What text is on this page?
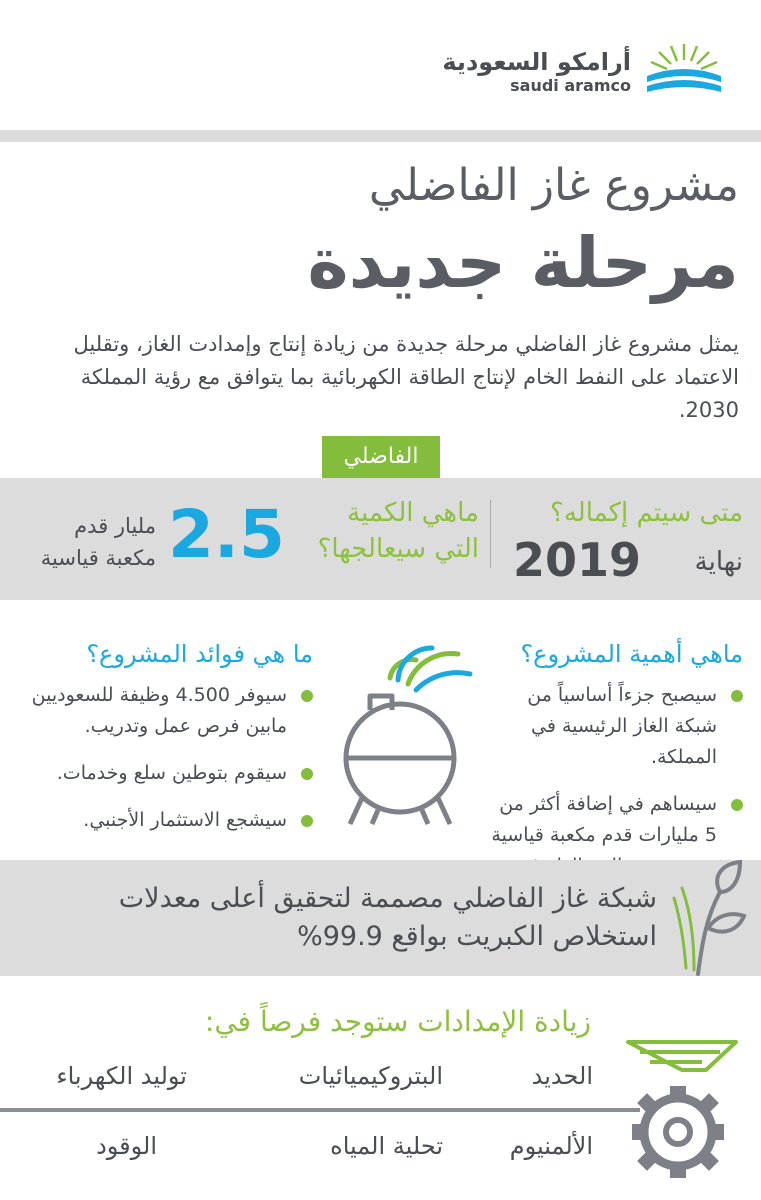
أرامكو السعودية
saudi aramco
مشروع غاز الفاضلي
مرحلة جديدة
يمثل مشروع غاز الفاضلي مرحلة جديدة من زيادة إنتاج وإمدادت الغاز، وتقليل الاعتماد على النفط الخام لإنتاج الطاقة الكهربائية بما يتوافق مع رؤية المملكة 2030.
الفاضلي
متى سيتم إكماله؟
نهاية
2019
ماهي الكمية
التي سيعالجها؟
2.5
مليار قدم
مكعبة قياسية
ماهي أهمية المشروع؟
سيصبح جزءاً أساسياً من شبكة الغاز الرئيسية في المملكة.
سيساهم في إضافة أكثر من 5 مليارات قدم مكعبة قياسية
ما هي فوائد المشروع؟
سيوفر 4.500 وظيفة للسعوديين مابين فرص عمل وتدريب.
سيقوم بتوطين سلع وخدمات.
سيشجع الاستثمار الأجنبي.
شبكة غاز الفاضلي مصممة لتحقيق أعلى معدلات استخلاص الكبريت بواقع 99.9%
زيادة الإمدادات ستوجد فرصاً في:
الحديد
البتروكيميائيات
توليد الكهرباء
الألمنيوم
تحلية المياه
الوقود
